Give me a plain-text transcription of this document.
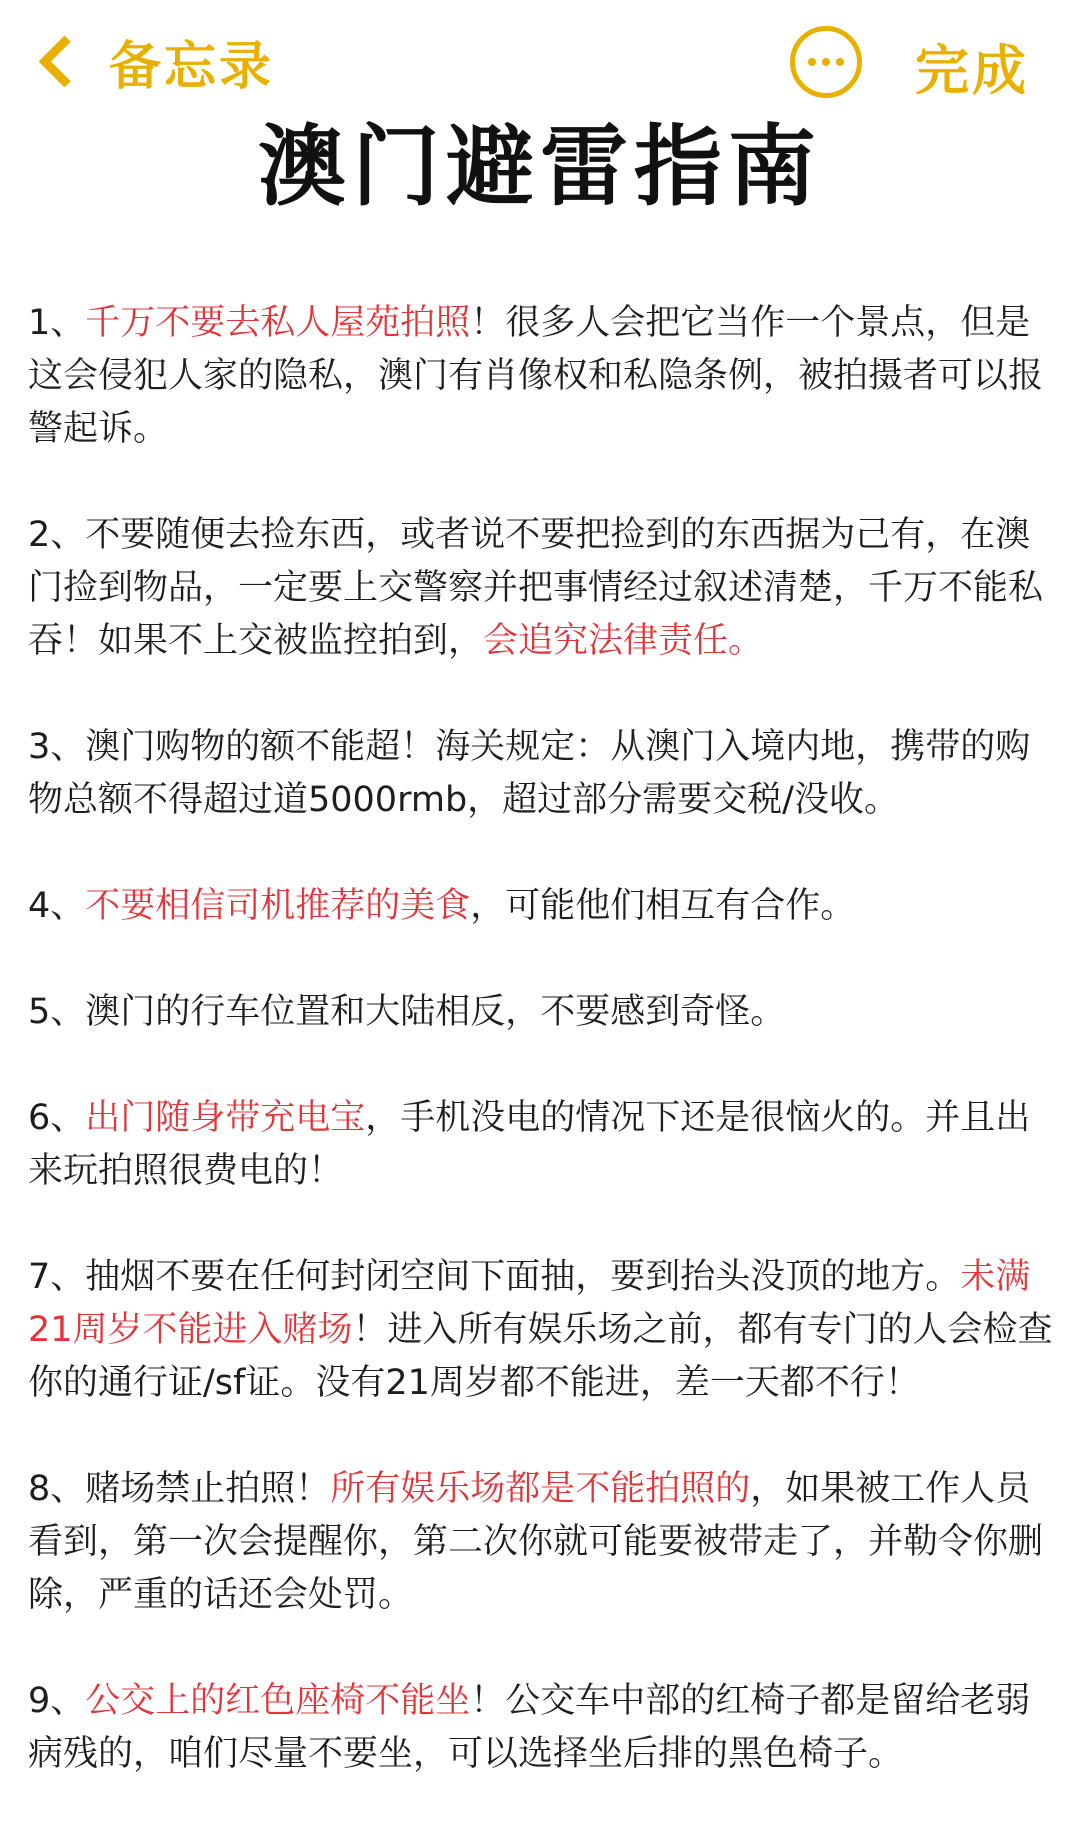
备忘录	完成
澳门避雷指南

1、千万不要去私人屋苑拍照！很多人会把它当作一个景点，但是这会侵犯人家的隐私，澳门有肖像权和私隐条例，被拍摄者可以报警起诉。

2、不要随便去捡东西，或者说不要把捡到的东西据为己有，在澳门捡到物品，一定要上交警察并把事情经过叙述清楚，千万不能私吞！如果不上交被监控拍到，会追究法律责任。

3、澳门购物的额不能超！海关规定：从澳门入境内地，携带的购物总额不得超过道5000rmb，超过部分需要交税/没收。

4、不要相信司机推荐的美食，可能他们相互有合作。

5、澳门的行车位置和大陆相反，不要感到奇怪。

6、出门随身带充电宝，手机没电的情况下还是很恼火的。并且出来玩拍照很费电的！

7、抽烟不要在任何封闭空间下面抽，要到抬头没顶的地方。未满21周岁不能进入赌场！进入所有娱乐场之前，都有专门的人会检查你的通行证/sf证。没有21周岁都不能进，差一天都不行！

8、赌场禁止拍照！所有娱乐场都是不能拍照的，如果被工作人员看到，第一次会提醒你，第二次你就可能要被带走了，并勒令你删除，严重的话还会处罚。

9、公交上的红色座椅不能坐！公交车中部的红椅子都是留给老弱病残的，咱们尽量不要坐，可以选择坐后排的黑色椅子。
